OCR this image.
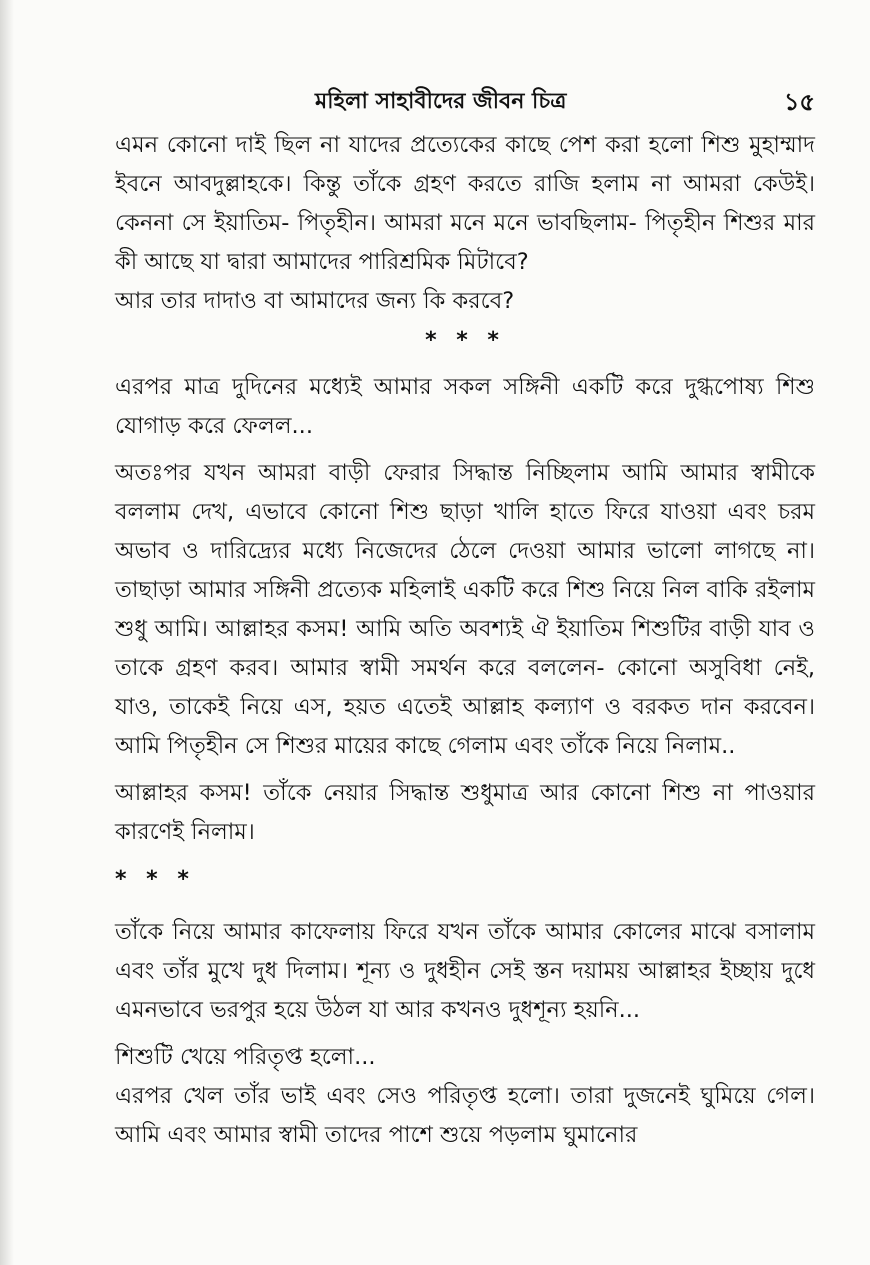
মহিলা সাহাবীদের জীবন চিত্র	১৫

এমন কোনো দাই ছিল না যাদের প্রত্যেকের কাছে পেশ করা হলো শিশু মুহাম্মাদ ইবনে আবদুল্লাহকে। কিন্তু তাঁকে গ্রহণ করতে রাজি হলাম না আমরা কেউই। কেননা সে ইয়াতিম- পিতৃহীন। আমরা মনে মনে ভাবছিলাম- পিতৃহীন শিশুর মার কী আছে যা দ্বারা আমাদের পারিশ্রমিক মিটাবে?

আর তার দাদাও বা আমাদের জন্য কি করবে?

* * *

এরপর মাত্র দুদিনের মধ্যেই আমার সকল সঙ্গিনী একটি করে দুগ্ধপোষ্য শিশু যোগাড় করে ফেলল...

অতঃপর যখন আমরা বাড়ী ফেরার সিদ্ধান্ত নিচ্ছিলাম আমি আমার স্বামীকে বললাম দেখ, এভাবে কোনো শিশু ছাড়া খালি হাতে ফিরে যাওয়া এবং চরম অভাব ও দারিদ্র্যের মধ্যে নিজেদের ঠেলে দেওয়া আমার ভালো লাগছে না। তাছাড়া আমার সঙ্গিনী প্রত্যেক মহিলাই একটি করে শিশু নিয়ে নিল বাকি রইলাম শুধু আমি। আল্লাহর কসম! আমি অতি অবশ্যই ঐ ইয়াতিম শিশুটির বাড়ী যাব ও তাকে গ্রহণ করব। আমার স্বামী সমর্থন করে বললেন- কোনো অসুবিধা নেই, যাও, তাকেই নিয়ে এস, হয়ত এতেই আল্লাহ কল্যাণ ও বরকত দান করবেন। আমি পিতৃহীন সে শিশুর মায়ের কাছে গেলাম এবং তাঁকে নিয়ে নিলাম..

আল্লাহর কসম! তাঁকে নেয়ার সিদ্ধান্ত শুধুমাত্র আর কোনো শিশু না পাওয়ার কারণেই নিলাম।

* * *

তাঁকে নিয়ে আমার কাফেলায় ফিরে যখন তাঁকে আমার কোলের মাঝে বসালাম এবং তাঁর মুখে দুধ দিলাম। শূন্য ও দুধহীন সেই স্তন দয়াময় আল্লাহর ইচ্ছায় দুধে এমনভাবে ভরপুর হয়ে উঠল যা আর কখনও দুধশূন্য হয়নি...

শিশুটি খেয়ে পরিতৃপ্ত হলো...

এরপর খেল তাঁর ভাই এবং সেও পরিতৃপ্ত হলো। তারা দুজনেই ঘুমিয়ে গেল। আমি এবং আমার স্বামী তাদের পাশে শুয়ে পড়লাম ঘুমানোর
